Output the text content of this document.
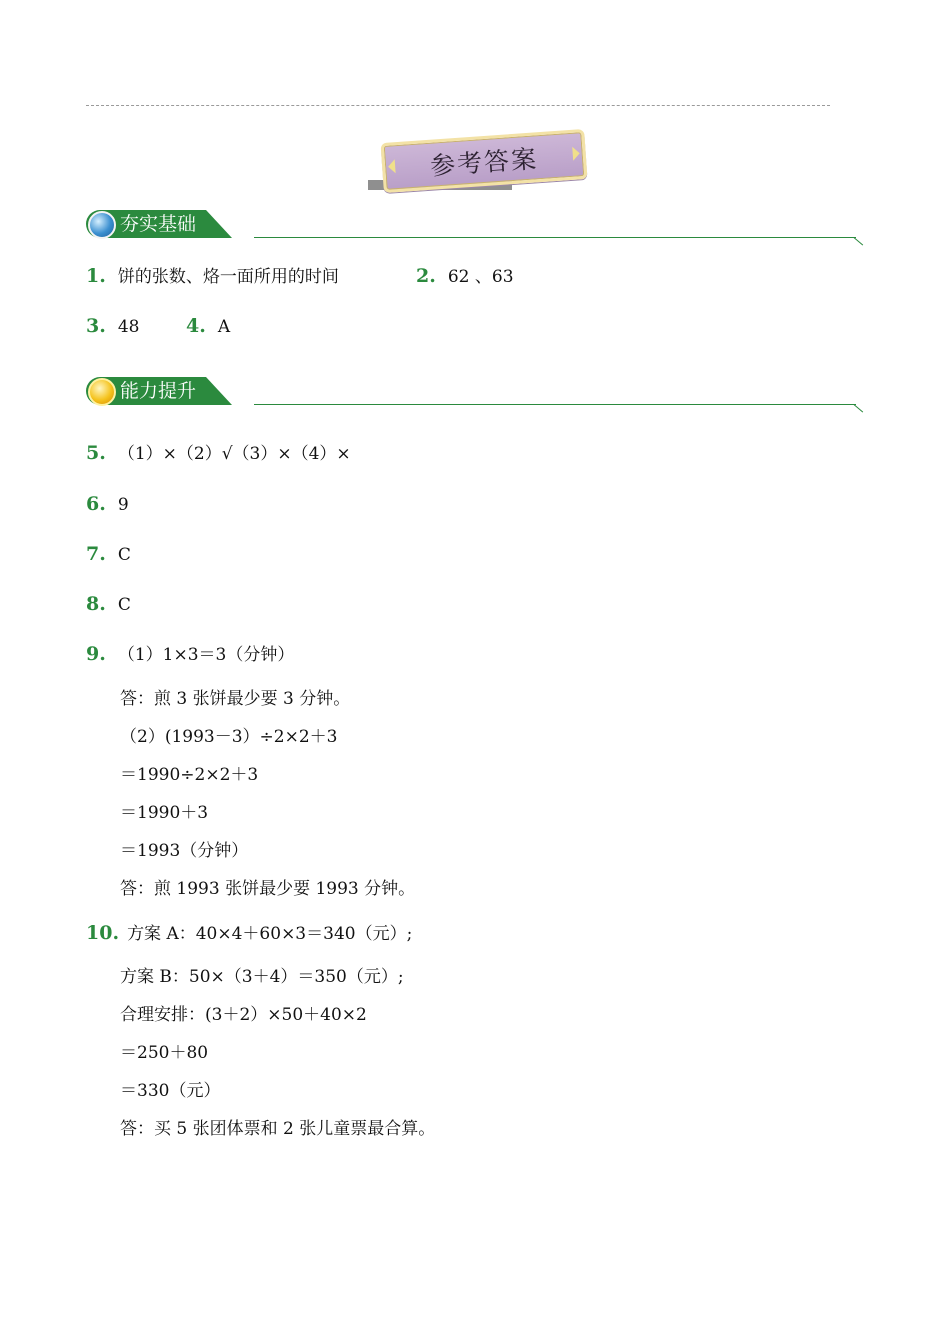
参考答案
夯实基础
1. 饼的张数、烙一面所用的时间	2. 62 、63
3. 48 4. A
能力提升
5. （1）×（2）√（3）×（4）×
6. 9
7. C
8. C
9. （1）1×3＝3（分钟）
答：煎 3 张饼最少要 3 分钟。
（2）(1993－3）÷2×2＋3
＝1990÷2×2＋3
＝1990＋3
＝1993（分钟）
答：煎 1993 张饼最少要 1993 分钟。
10. 方案 A：40×4＋60×3＝340（元）;
方案 B：50×（3＋4）＝350（元）;
合理安排：(3＋2）×50＋40×2
＝250＋80
＝330（元）
答：买 5 张团体票和 2 张儿童票最合算。
